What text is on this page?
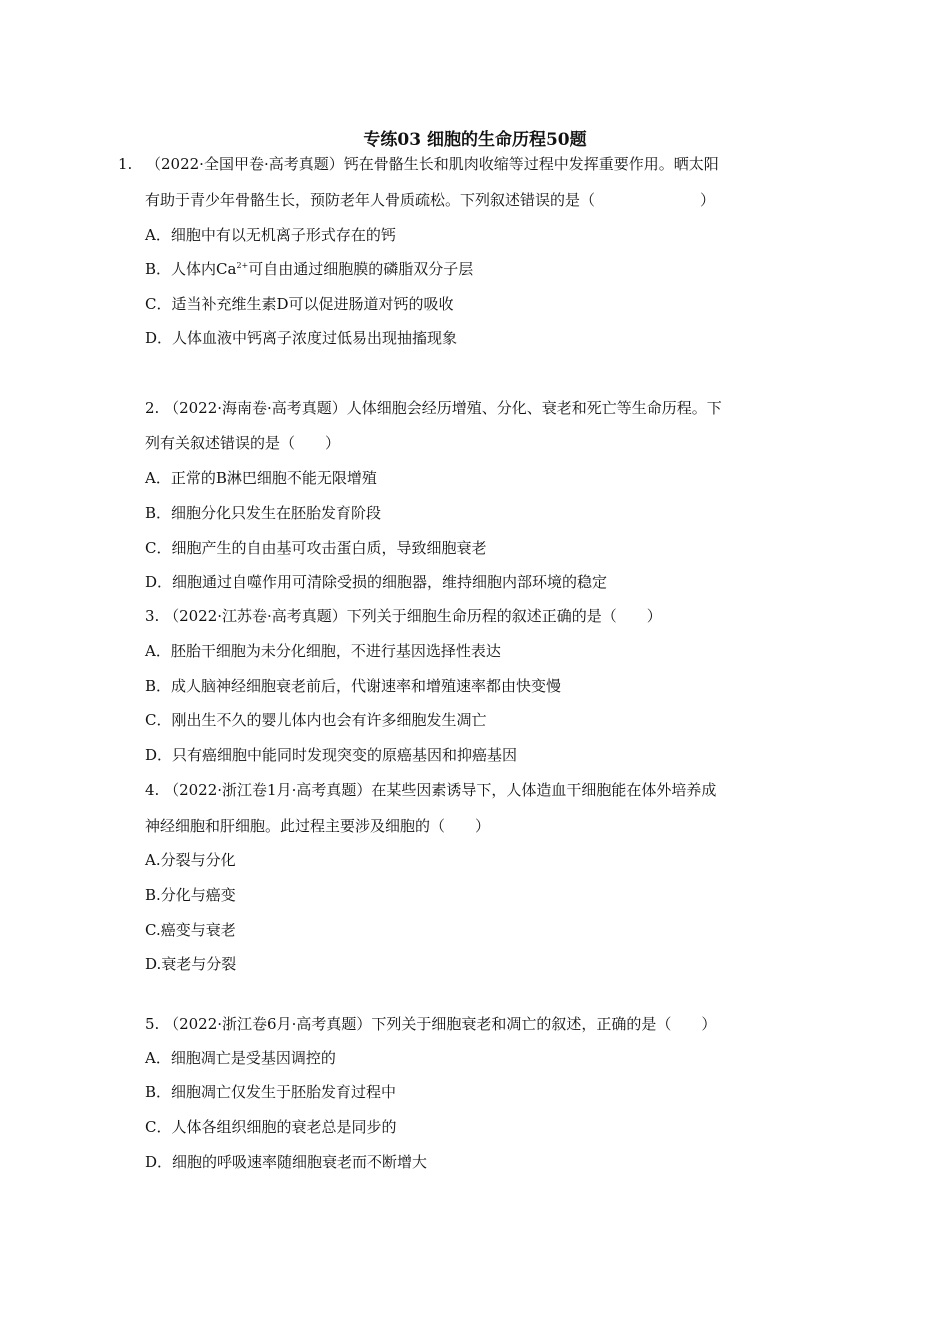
专练03 细胞的生命历程50题
1. （2022·全国甲卷·高考真题）钙在骨骼生长和肌肉收缩等过程中发挥重要作用。晒太阳
有助于青少年骨骼生长，预防老年人骨质疏松。下列叙述错误的是（　　　　　　　）
A．细胞中有以无机离子形式存在的钙
B．人体内$Ca^{2+}$可自由通过细胞膜的磷脂双分子层
C．适当补充维生素D可以促进肠道对钙的吸收
D．人体血液中钙离子浓度过低易出现抽搐现象
2. （2022·海南卷·高考真题）人体细胞会经历增殖、分化、衰老和死亡等生命历程。下
列有关叙述错误的是（　　）
A．正常的B淋巴细胞不能无限增殖
B．细胞分化只发生在胚胎发育阶段
C．细胞产生的自由基可攻击蛋白质，导致细胞衰老
D．细胞通过自噬作用可清除受损的细胞器，维持细胞内部环境的稳定
3. （2022·江苏卷·高考真题）下列关于细胞生命历程的叙述正确的是（　　）
A．胚胎干细胞为未分化细胞，不进行基因选择性表达
B．成人脑神经细胞衰老前后，代谢速率和增殖速率都由快变慢
C．刚出生不久的婴儿体内也会有许多细胞发生凋亡
D．只有癌细胞中能同时发现突变的原癌基因和抑癌基因
4. （2022·浙江卷1月·高考真题）在某些因素诱导下，人体造血干细胞能在体外培养成
神经细胞和肝细胞。此过程主要涉及细胞的（　　）
A.分裂与分化
B.分化与癌变
C.癌变与衰老
D.衰老与分裂
5. （2022·浙江卷6月·高考真题）下列关于细胞衰老和凋亡的叙述，正确的是（　　）
A．细胞凋亡是受基因调控的
B．细胞凋亡仅发生于胚胎发育过程中
C．人体各组织细胞的衰老总是同步的
D．细胞的呼吸速率随细胞衰老而不断增大
